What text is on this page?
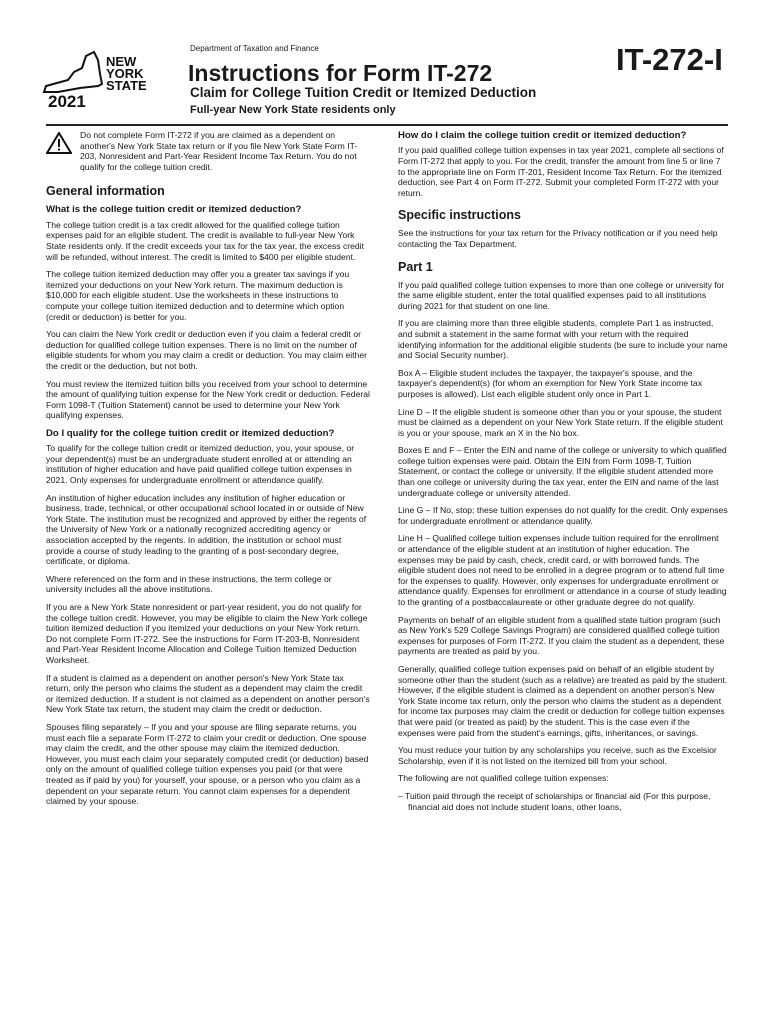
NEW YORK STATE
2021
Department of Taxation and Finance
Instructions for Form IT-272
Claim for College Tuition Credit or Itemized Deduction
Full-year New York State residents only
IT-272-I

Do not complete Form IT-272 if you are claimed as a dependent on another's New York State tax return or if you file New York State Form IT-203, Nonresident and Part-Year Resident Income Tax Return. You do not qualify for the college tuition credit.

General information
What is the college tuition credit or itemized deduction?

The college tuition credit is a tax credit allowed for the qualified college tuition expenses paid for an eligible student. The credit is available to full-year New York State residents only. If the credit exceeds your tax for the tax year, the excess credit will be refunded, without interest. The credit is limited to $400 per eligible student.

The college tuition itemized deduction may offer you a greater tax savings if you itemized your deductions on your New York return. The maximum deduction is $10,000 for each eligible student. Use the worksheets in these instructions to compute your college tuition itemized deduction and to determine which option (credit or deduction) is better for you.

You can claim the New York credit or deduction even if you claim a federal credit or deduction for qualified college tuition expenses. There is no limit on the number of eligible students for whom you may claim a credit or deduction. You may claim either the credit or the deduction, but not both.

You must review the itemized tuition bills you received from your school to determine the amount of qualifying tuition expense for the New York credit or deduction. Federal Form 1098-T (Tuition Statement) cannot be used to determine your New York qualifying expenses.

Do I qualify for the college tuition credit or itemized deduction?

To qualify for the college tuition credit or itemized deduction, you, your spouse, or your dependent(s) must be an undergraduate student enrolled at or attending an institution of higher education and have paid qualified college tuition expenses in 2021. Only expenses for undergraduate enrollment or attendance qualify.

An institution of higher education includes any institution of higher education or business, trade, technical, or other occupational school located in or outside of New York State. The institution must be recognized and approved by either the regents of the University of New York or a nationally recognized accrediting agency or association accepted by the regents. In addition, the institution or school must provide a course of study leading to the granting of a post-secondary degree, certificate, or diploma.

Where referenced on the form and in these instructions, the term college or university includes all the above institutions.

If you are a New York State nonresident or part-year resident, you do not qualify for the college tuition credit. However, you may be eligible to claim the New York college tuition itemized deduction if you itemized your deductions on your New York return. Do not complete Form IT-272. See the instructions for Form IT-203-B, Nonresident and Part-Year Resident Income Allocation and College Tuition Itemized Deduction Worksheet.

If a student is claimed as a dependent on another person's New York State tax return, only the person who claims the student as a dependent may claim the credit or itemized deduction. If a student is not claimed as a dependent on another person's New York State tax return, the student may claim the credit or deduction.

Spouses filing separately – If you and your spouse are filing separate returns, you must each file a separate Form IT-272 to claim your credit or deduction. One spouse may claim the credit, and the other spouse may claim the itemized deduction. However, you must each claim your separately computed credit (or deduction) based only on the amount of qualified college tuition expenses you paid (or that were treated as if paid by you) for yourself, your spouse, or a person who you claim as a dependent on your separate return. You cannot claim expenses for a dependent claimed by your spouse.

How do I claim the college tuition credit or itemized deduction?

If you paid qualified college tuition expenses in tax year 2021, complete all sections of Form IT-272 that apply to you. For the credit, transfer the amount from line 5 or line 7 to the appropriate line on Form IT-201, Resident Income Tax Return. For the itemized deduction, see Part 4 on Form IT-272. Submit your completed Form IT-272 with your return.

Specific instructions

See the instructions for your tax return for the Privacy notification or if you need help contacting the Tax Department.

Part 1

If you paid qualified college tuition expenses to more than one college or university for the same eligible student, enter the total qualified expenses paid to all institutions during 2021 for that student on one line.

If you are claiming more than three eligible students, complete Part 1 as instructed, and submit a statement in the same format with your return with the required identifying information for the additional eligible students (be sure to include your name and Social Security number).

Box A – Eligible student includes the taxpayer, the taxpayer's spouse, and the taxpayer's dependent(s) (for whom an exemption for New York State income tax purposes is allowed). List each eligible student only once in Part 1.

Line D – If the eligible student is someone other than you or your spouse, the student must be claimed as a dependent on your New York State return. If the eligible student is you or your spouse, mark an X in the No box.

Boxes E and F – Enter the EIN and name of the college or university to which qualified college tuition expenses were paid. Obtain the EIN from Form 1098-T, Tuition Statement, or contact the college or university. If the eligible student attended more than one college or university during the tax year, enter the EIN and name of the last undergraduate college or university attended.

Line G – If No, stop; these tuition expenses do not qualify for the credit. Only expenses for undergraduate enrollment or attendance qualify.

Line H – Qualified college tuition expenses include tuition required for the enrollment or attendance of the eligible student at an institution of higher education. The expenses may be paid by cash, check, credit card, or with borrowed funds. The eligible student does not need to be enrolled in a degree program or to attend full time for the expenses to qualify. However, only expenses for undergraduate enrollment or attendance qualify. Expenses for enrollment or attendance in a course of study leading to the granting of a postbaccalaureate or other graduate degree do not qualify.

Payments on behalf of an eligible student from a qualified state tuition program (such as New York's 529 College Savings Program) are considered qualified college tuition expenses for purposes of Form IT-272. If you claim the student as a dependent, these payments are treated as paid by you.

Generally, qualified college tuition expenses paid on behalf of an eligible student by someone other than the student (such as a relative) are treated as paid by the student. However, if the eligible student is claimed as a dependent on another person's New York State income tax return, only the person who claims the student as a dependent for income tax purposes may claim the credit or deduction for college tuition expenses that were paid (or treated as paid) by the student. This is the case even if the expenses were paid from the student's earnings, gifts, inheritances, or savings.

You must reduce your tuition by any scholarships you receive, such as the Excelsior Scholarship, even if it is not listed on the itemized bill from your school.

The following are not qualified college tuition expenses:

– Tuition paid through the receipt of scholarships or financial aid (For this purpose, financial aid does not include student loans, other loans,
